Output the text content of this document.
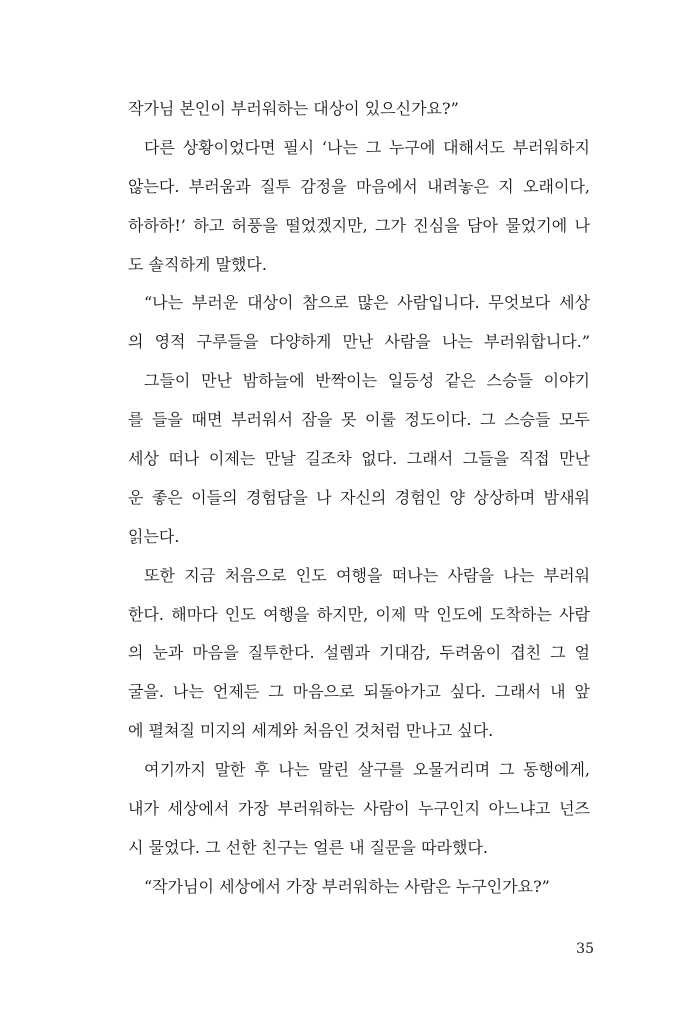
작가님 본인이 부러워하는 대상이 있으신가요?”
다른 상황이었다면 필시 ‘나는 그 누구에 대해서도 부러워하지
않는다. 부러움과 질투 감정을 마음에서 내려놓은 지 오래이다,
하하하!’ 하고 허풍을 떨었겠지만, 그가 진심을 담아 물었기에 나
도 솔직하게 말했다.
“나는 부러운 대상이 참으로 많은 사람입니다. 무엇보다 세상
의 영적 구루들을 다양하게 만난 사람을 나는 부러워합니다.”
그들이 만난 밤하늘에 반짝이는 일등성 같은 스승들 이야기
를 들을 때면 부러워서 잠을 못 이룰 정도이다. 그 스승들 모두
세상 떠나 이제는 만날 길조차 없다. 그래서 그들을 직접 만난
운 좋은 이들의 경험담을 나 자신의 경험인 양 상상하며 밤새워
읽는다.
또한 지금 처음으로 인도 여행을 떠나는 사람을 나는 부러워
한다. 해마다 인도 여행을 하지만, 이제 막 인도에 도착하는 사람
의 눈과 마음을 질투한다. 설렘과 기대감, 두려움이 겹친 그 얼
굴을. 나는 언제든 그 마음으로 되돌아가고 싶다. 그래서 내 앞
에 펼쳐질 미지의 세계와 처음인 것처럼 만나고 싶다.
여기까지 말한 후 나는 말린 살구를 오물거리며 그 동행에게,
내가 세상에서 가장 부러워하는 사람이 누구인지 아느냐고 넌즈
시 물었다. 그 선한 친구는 얼른 내 질문을 따라했다.
“작가님이 세상에서 가장 부러워하는 사람은 누구인가요?”
35
